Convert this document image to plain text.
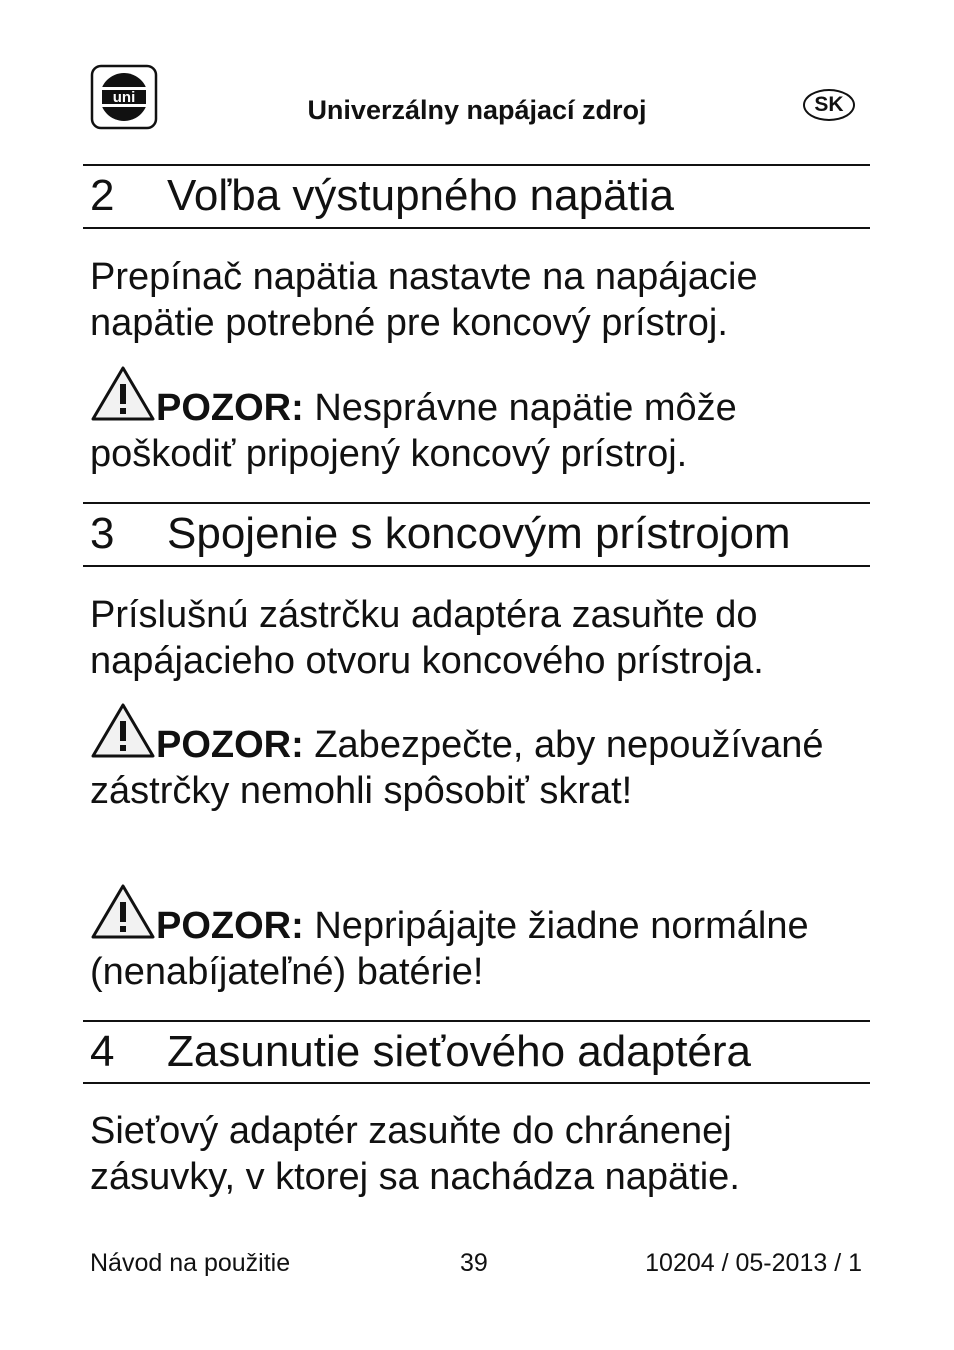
uni	Univerzálny napájací zdroj	SK
2 Voľba výstupného napätia
Prepínač napätia nastavte na napájacie napätie potrebné pre koncový prístroj.
POZOR: Nesprávne napätie môže poškodiť pripojený koncový prístroj.
3 Spojenie s koncovým prístrojom
Príslušnú zástrčku adaptéra zasuňte do napájacieho otvoru koncového prístroja.
POZOR: Zabezpečte, aby nepoužívané zástrčky nemohli spôsobiť skrat!
POZOR: Nepripájajte žiadne normálne (nenabíjateľné) batérie!
4 Zasunutie sieťového adaptéra
Sieťový adaptér zasuňte do chránenej zásuvky, v ktorej sa nachádza napätie.
Návod na použitie	39	10204 / 05-2013 / 1
